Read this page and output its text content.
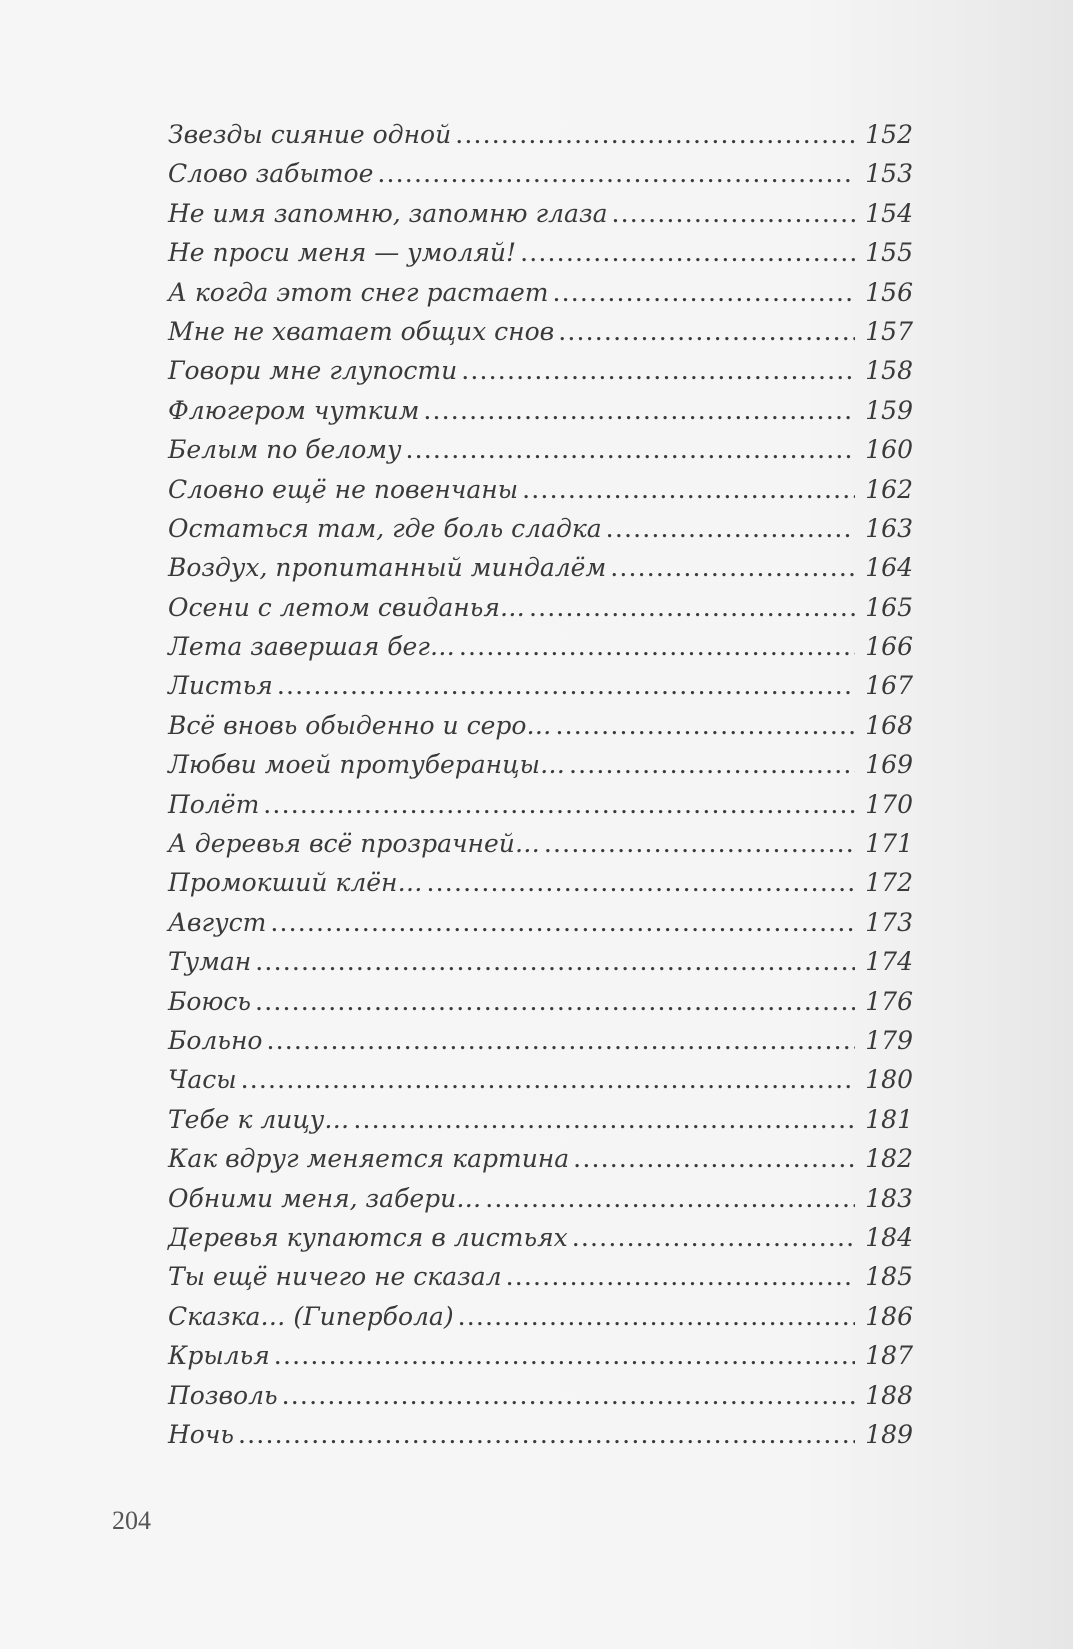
Звезды сияние одной .....	152
Слово забытое .....	153
Не имя запомню, запомню глаза .....	154
Не проси меня — умоляй! .....	155
А когда этот снег растает .....	156
Мне не хватает общих снов .....	157
Говори мне глупости .....	158
Флюгером чутким .....	159
Белым по белому .....	160
Словно ещё не повенчаны .....	162
Остаться там, где боль сладка .....	163
Воздух, пропитанный миндалём .....	164
Осени с летом свиданья… .....	165
Лета завершая бег… .....	166
Листья .....	167
Всё вновь обыденно и серо… .....	168
Любви моей протуберанцы… .....	169
Полёт .....	170
А деревья всё прозрачней… .....	171
Промокший клён… .....	172
Август .....	173
Туман .....	174
Боюсь .....	176
Больно .....	179
Часы .....	180
Тебе к лицу… .....	181
Как вдруг меняется картина .....	182
Обними меня, забери… .....	183
Деревья купаются в листьях .....	184
Ты ещё ничего не сказал .....	185
Сказка… (Гипербола) .....	186
Крылья .....	187
Позволь .....	188
Ночь .....	189
204
